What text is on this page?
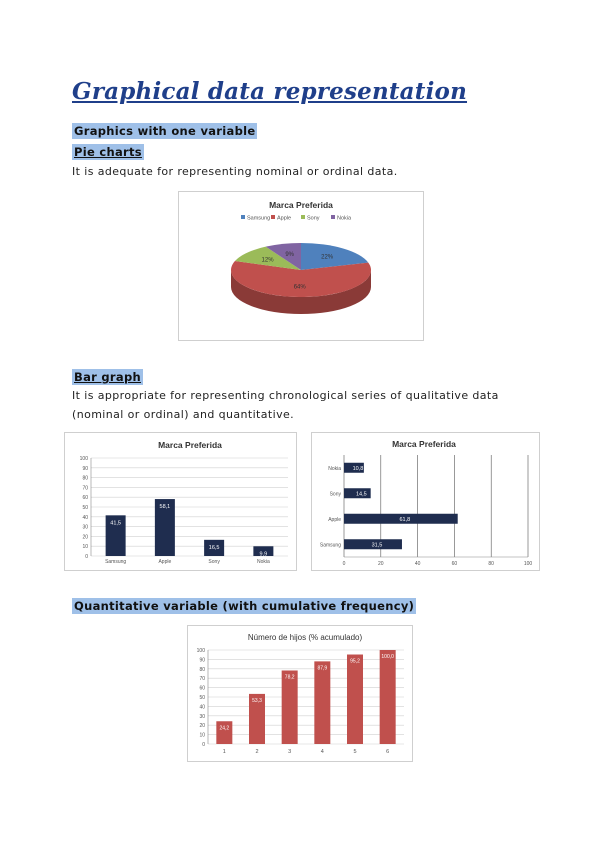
Graphical data representation
Graphics with one variable
Pie charts
It is adequate for representing nominal or ordinal data.
Marca Preferida
Samsung Apple	Sony	Nokia
22%
64%
12%
9%
Bar graph
It is appropriate for representing chronological series of qualitative data (nominal or ordinal) and quantitative.
Marca Preferida
0
10
20
30
40
50
60
70
80
90
100
41,5
Samsung
58,1
Apple
16,5
Sony
9,9
Nokia
Marca Preferida
0	20	40	60	80	100
10,8
Nokia
14,5
Sony
61,8
Apple
31,5
Samsung
Quantitative variable (with cumulative frequency)
Número de hijos (% acumulado)
0
10
20
30
40
50
60
70
80
90
100
24,2
1
53,3
2
78,2
3
87,9
4
95,2
5
100,0
6
